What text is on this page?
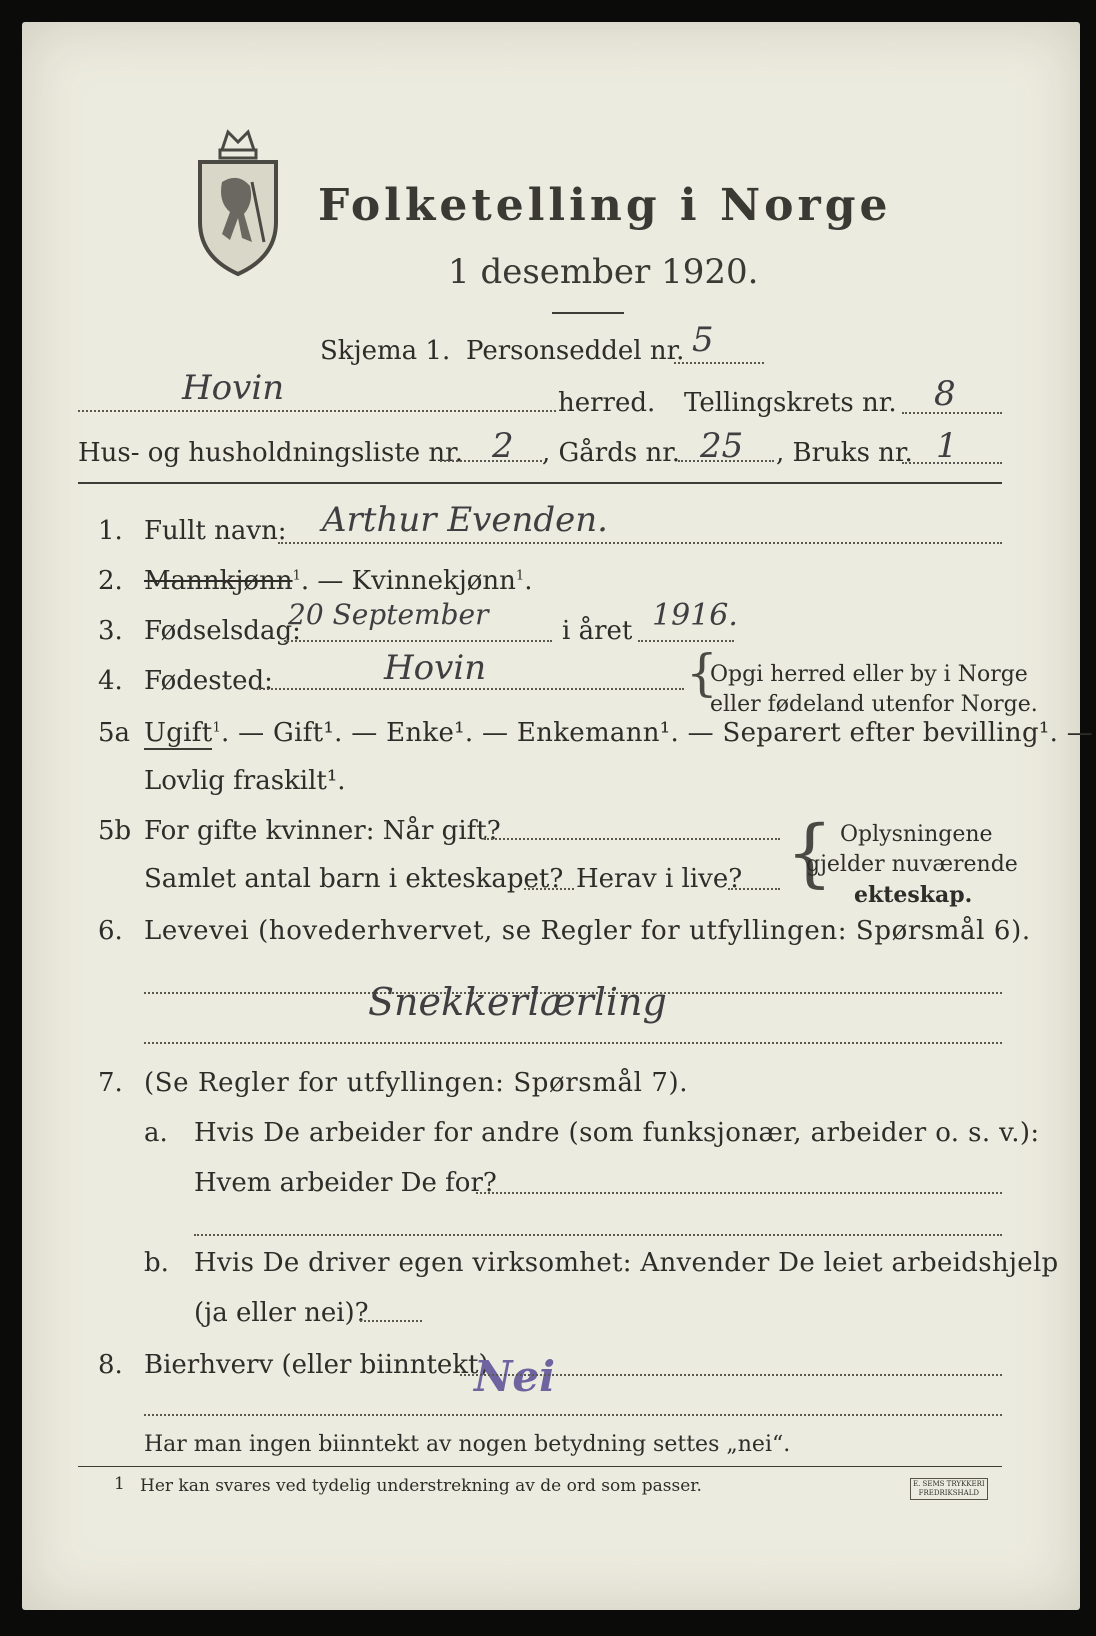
Folketelling i Norge
1 desember 1920.
Skjema 1. Personseddel nr. 5
Hovin	herred. Tellingskrets nr. 8
Hus- og husholdningsliste nr. 2 , Gårds nr. 25 , Bruks nr. 1
1. Fullt navn: Arthur Evenden.
2. Mannkjønn$^1$. — Kvinnekjønn$^1$.
3. Fødselsdag:
20 September	i året 1916.
4. Fødested:	Hovin	{
Opgi herred eller by i Norge
eller fødeland utenfor Norge.
5a Ugift$^1$. — Gift¹. — Enke¹. — Enkemann¹. — Separert efter bevilling¹. —
Lovlig fraskilt¹.
5b For gifte kvinner: Når gift?
Samlet antal barn i ekteskapet? Herav i live? { Oplysningene
gjelder nuværende
ekteskap.
6. Levevei (hovederhvervet, se Regler for utfyllingen: Spørsmål 6).
Snekkerlærling
7. (Se Regler for utfyllingen: Spørsmål 7).
a. Hvis De arbeider for andre (som funksjonær, arbeider o. s. v.):
Hvem arbeider De for?
b. Hvis De driver egen virksomhet: Anvender De leiet arbeidshjelp
(ja eller nei)?
8. Bierhverv (eller biinntekt)
Nei
Har man ingen biinntekt av nogen betydning settes „nei“.
1 Her kan svares ved tydelig understrekning av de ord som passer.	E. SEMS TRYKKERI
FREDRIKSHALD
